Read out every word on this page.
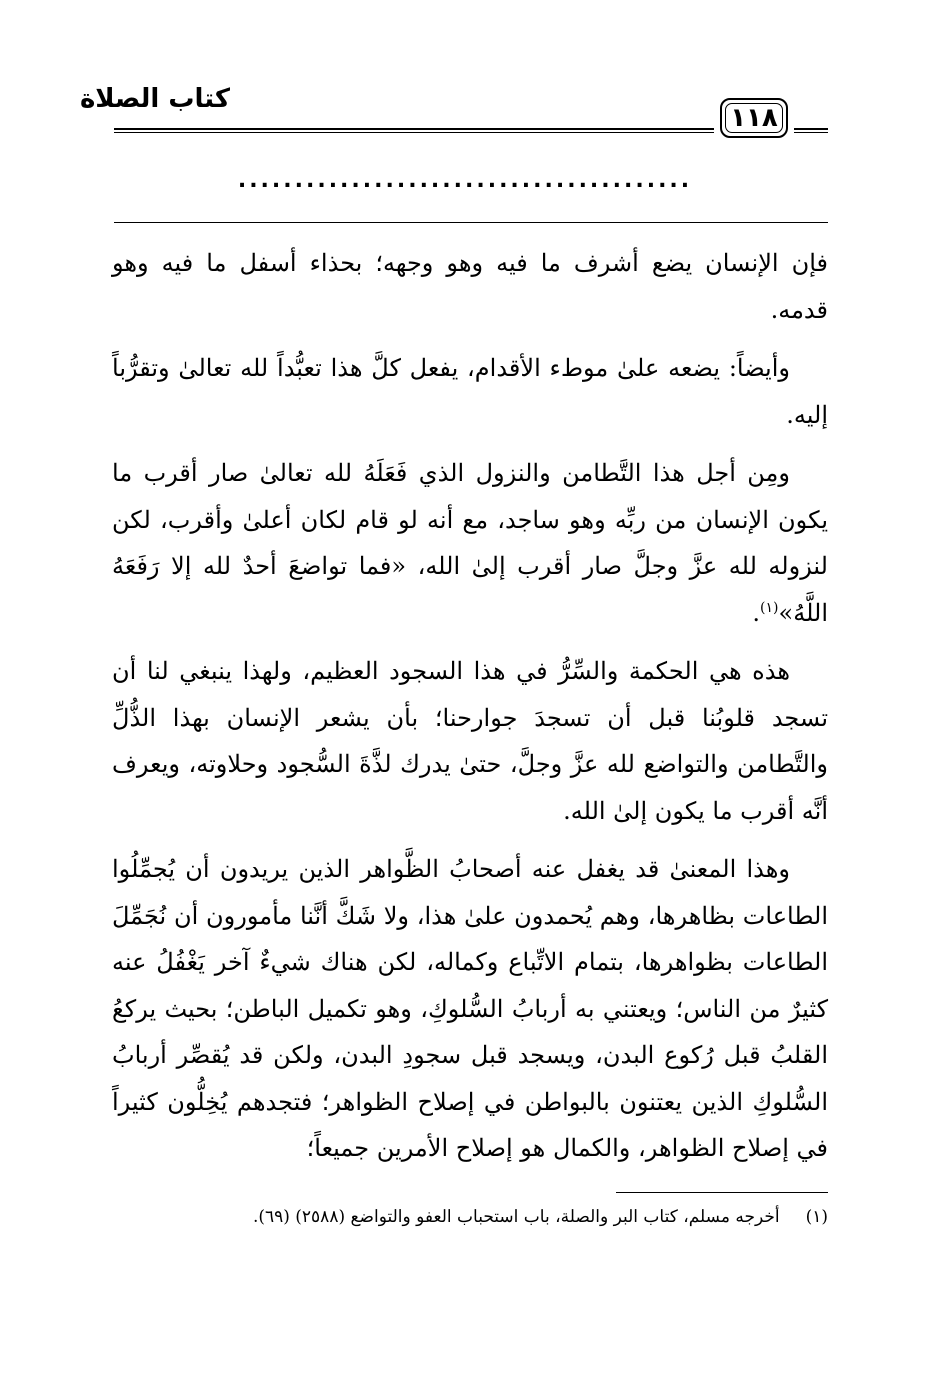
كتاب الصلاة
١١٨
........................................

فإن الإنسان يضع أشرف ما فيه وهو وجهه؛ بحذاء أسفل ما فيه وهو قدمه.

وأيضاً: يضعه علىٰ موطء الأقدام، يفعل كلَّ هذا تعبُّداً لله تعالىٰ وتقرُّباً إليه.

ومِن أجل هذا التَّطامن والنزول الذي فَعَلَهُ لله تعالىٰ صار أقرب ما يكون الإنسان من ربِّه وهو ساجد، مع أنه لو قام لكان أعلىٰ وأقرب، لكن لنزوله لله عزَّ وجلَّ صار أقرب إلىٰ الله، «فما تواضعَ أحدٌ لله إلا رَفَعَهُ اللَّهُ»$^{(١)}$.

هذه هي الحكمة والسِّرُّ في هذا السجود العظيم، ولهذا ينبغي لنا أن تسجد قلوبُنا قبل أن تسجدَ جوارحنا؛ بأن يشعر الإنسان بهذا الذُّلِّ والتَّطامن والتواضع لله عزَّ وجلَّ، حتىٰ يدرك لذَّةَ السُّجود وحلاوته، ويعرف أنَّه أقرب ما يكون إلىٰ الله.

وهذا المعنىٰ قد يغفل عنه أصحابُ الظَّواهر الذين يريدون أن يُجمِّلُوا الطاعات بظاهرها، وهم يُحمدون علىٰ هذا، ولا شَكَّ أنَّنا مأمورون أن نُجَمِّلَ الطاعات بظواهرها، بتمام الاتِّباع وكماله، لكن هناك شيءٌ آخر يَغْفُلُ عنه كثيرٌ من الناس؛ ويعتني به أربابُ السُّلوكِ، وهو تكميل الباطن؛ بحيث يركعُ القلبُ قبل رُكوع البدن، ويسجد قبل سجودِ البدن، ولكن قد يُقصِّر أربابُ السُّلوكِ الذين يعتنون بالبواطن في إصلاح الظواهر؛ فتجدهم يُخِلُّون كثيراً في إصلاح الظواهر، والكمال هو إصلاح الأمرين جميعاً؛

(١)أخرجه مسلم، كتاب البر والصلة، باب استحباب العفو والتواضع (٢٥٨٨) (٦٩).
